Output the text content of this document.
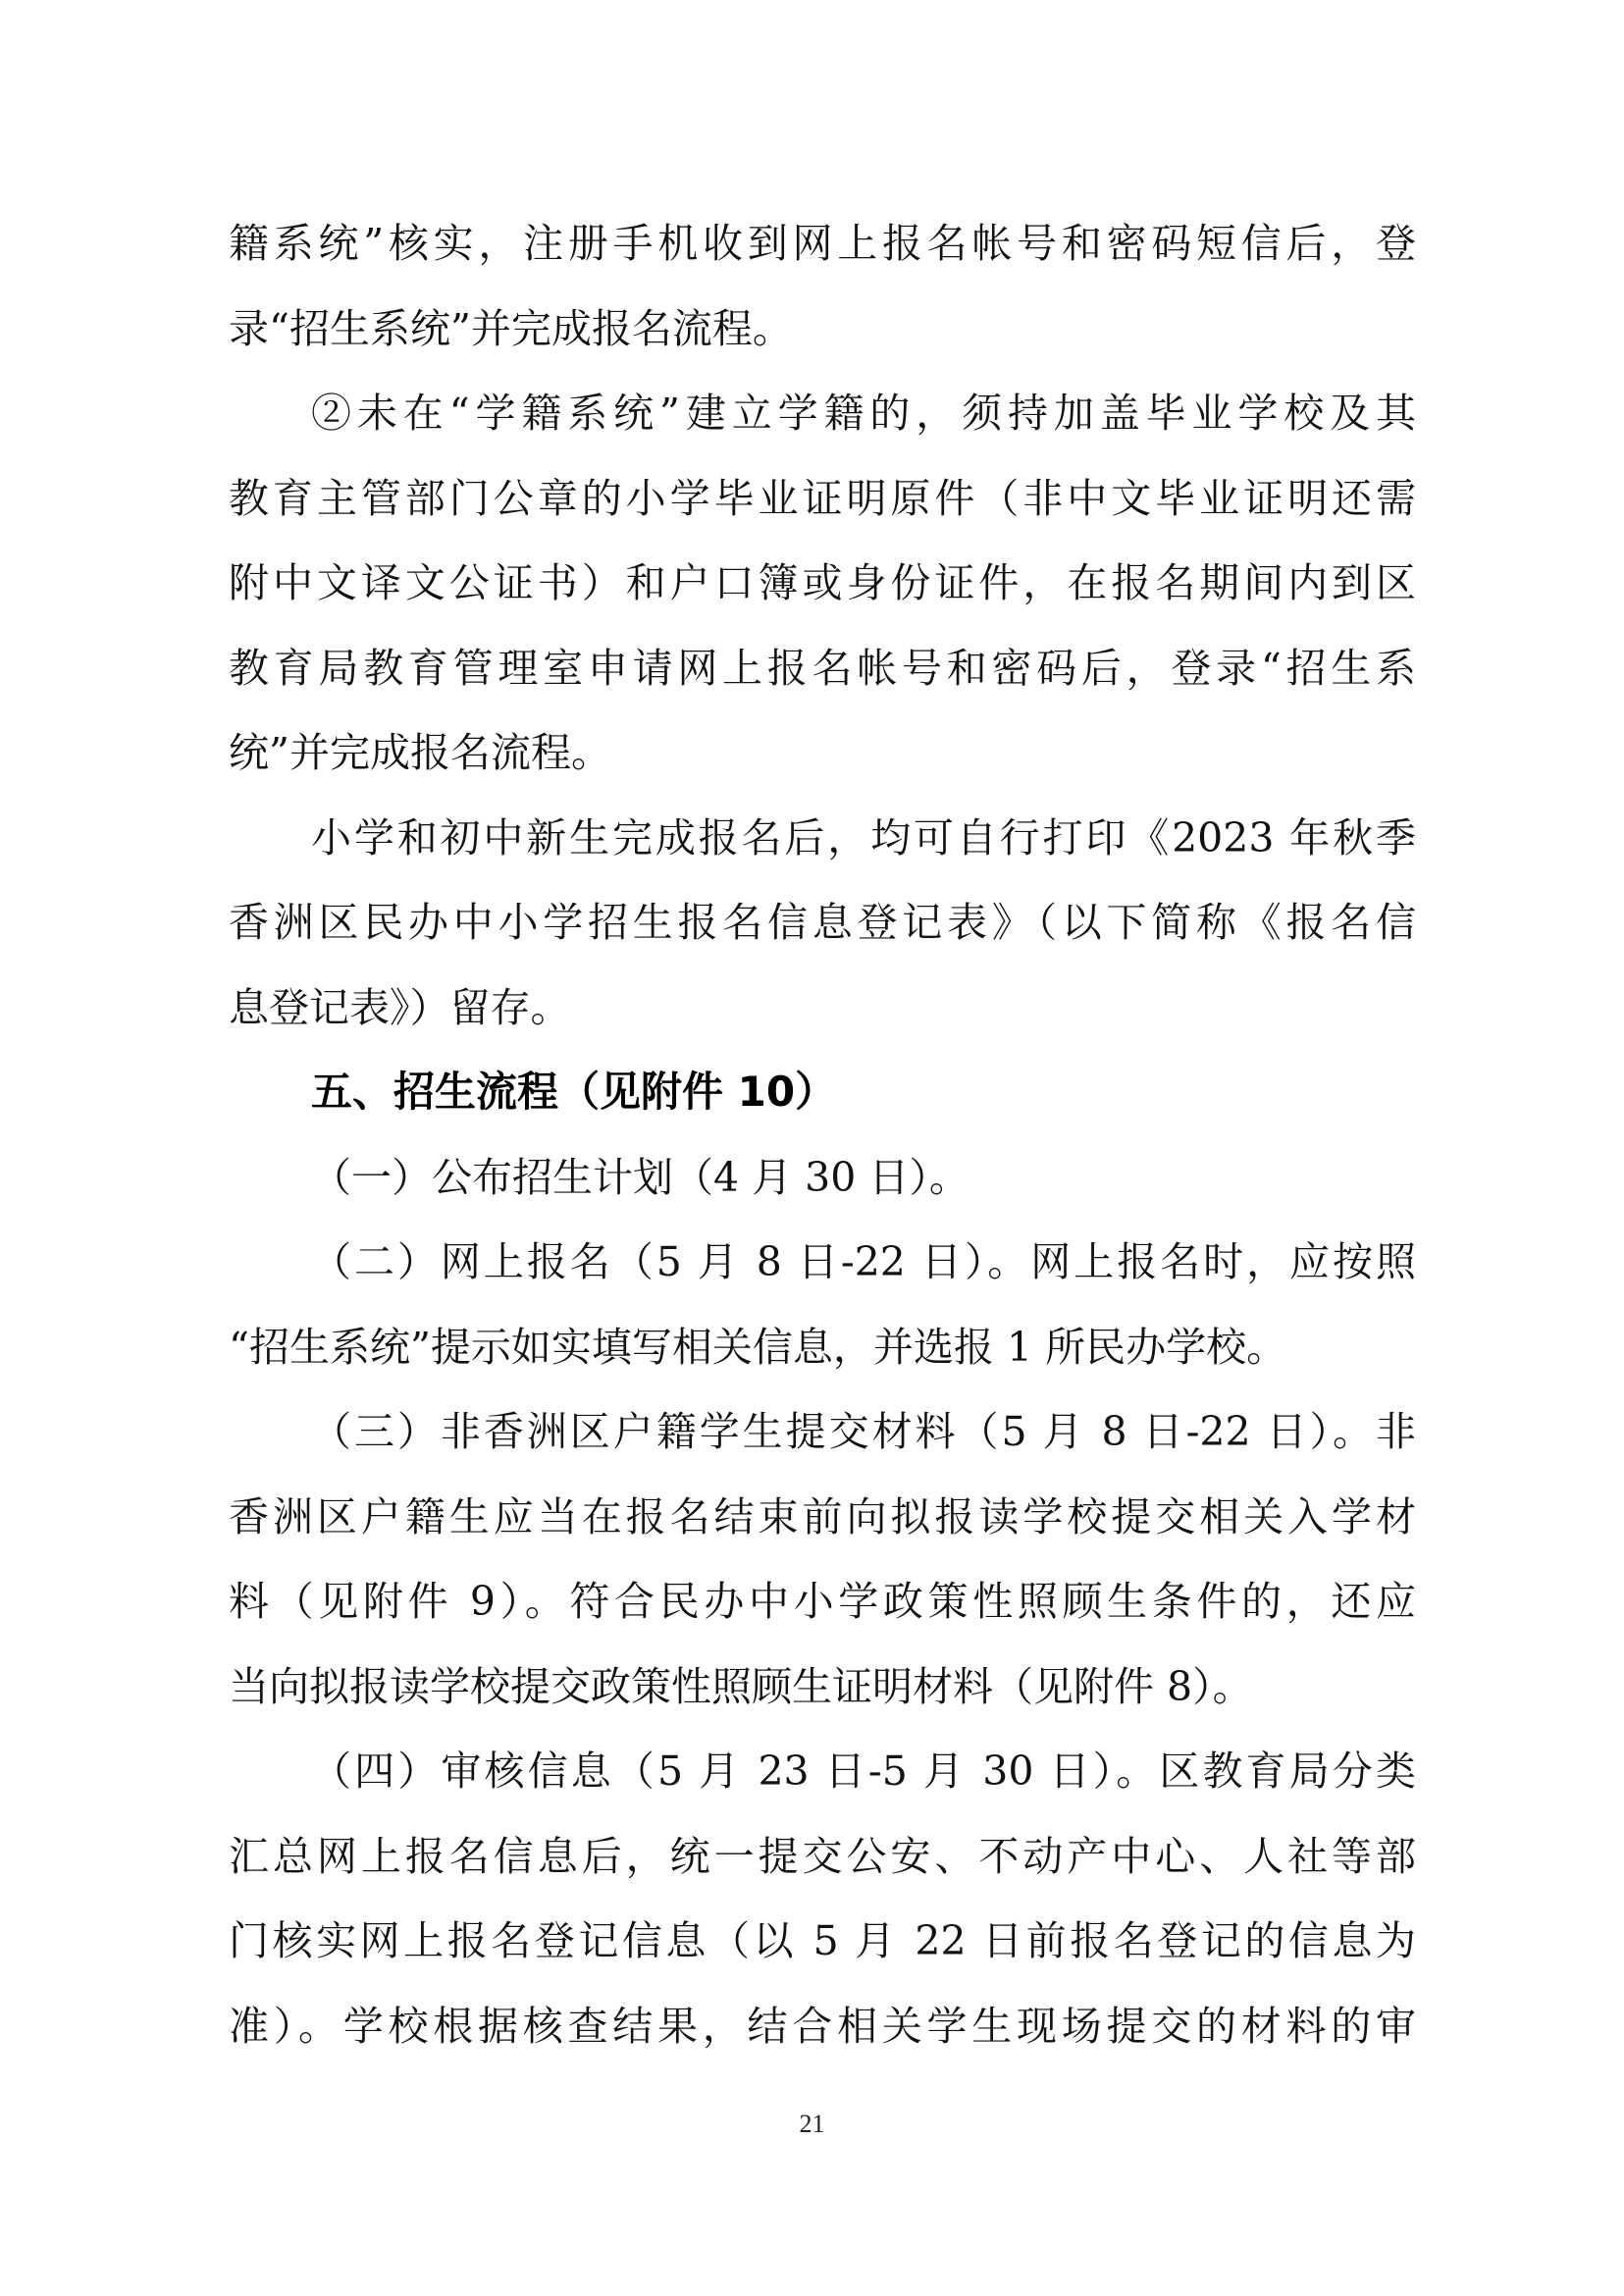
籍系统”核实，注册手机收到网上报名帐号和密码短信后，登
录“招生系统”并完成报名流程。
②未在“学籍系统”建立学籍的，须持加盖毕业学校及其
教育主管部门公章的小学毕业证明原件（非中文毕业证明还需
附中文译文公证书）和户口簿或身份证件，在报名期间内到区
教育局教育管理室申请网上报名帐号和密码后，登录“招生系
统”并完成报名流程。
小学和初中新生完成报名后，均可自行打印《2023 年秋季
香洲区民办中小学招生报名信息登记表》（以下简称《报名信
息登记表》）留存。
五、招生流程（见附件 10）
（一）公布招生计划（4 月 30 日）。
（二）网上报名（5 月 8 日-22 日）。网上报名时，应按照
“招生系统”提示如实填写相关信息，并选报 1 所民办学校。
（三）非香洲区户籍学生提交材料（5 月 8 日-22 日）。非
香洲区户籍生应当在报名结束前向拟报读学校提交相关入学材
料（见附件 9）。符合民办中小学政策性照顾生条件的，还应
当向拟报读学校提交政策性照顾生证明材料（见附件 8）。
（四）审核信息（5 月 23 日-5 月 30 日）。区教育局分类
汇总网上报名信息后，统一提交公安、不动产中心、人社等部
门核实网上报名登记信息（以 5 月 22 日前报名登记的信息为
准）。学校根据核查结果，结合相关学生现场提交的材料的审
21
